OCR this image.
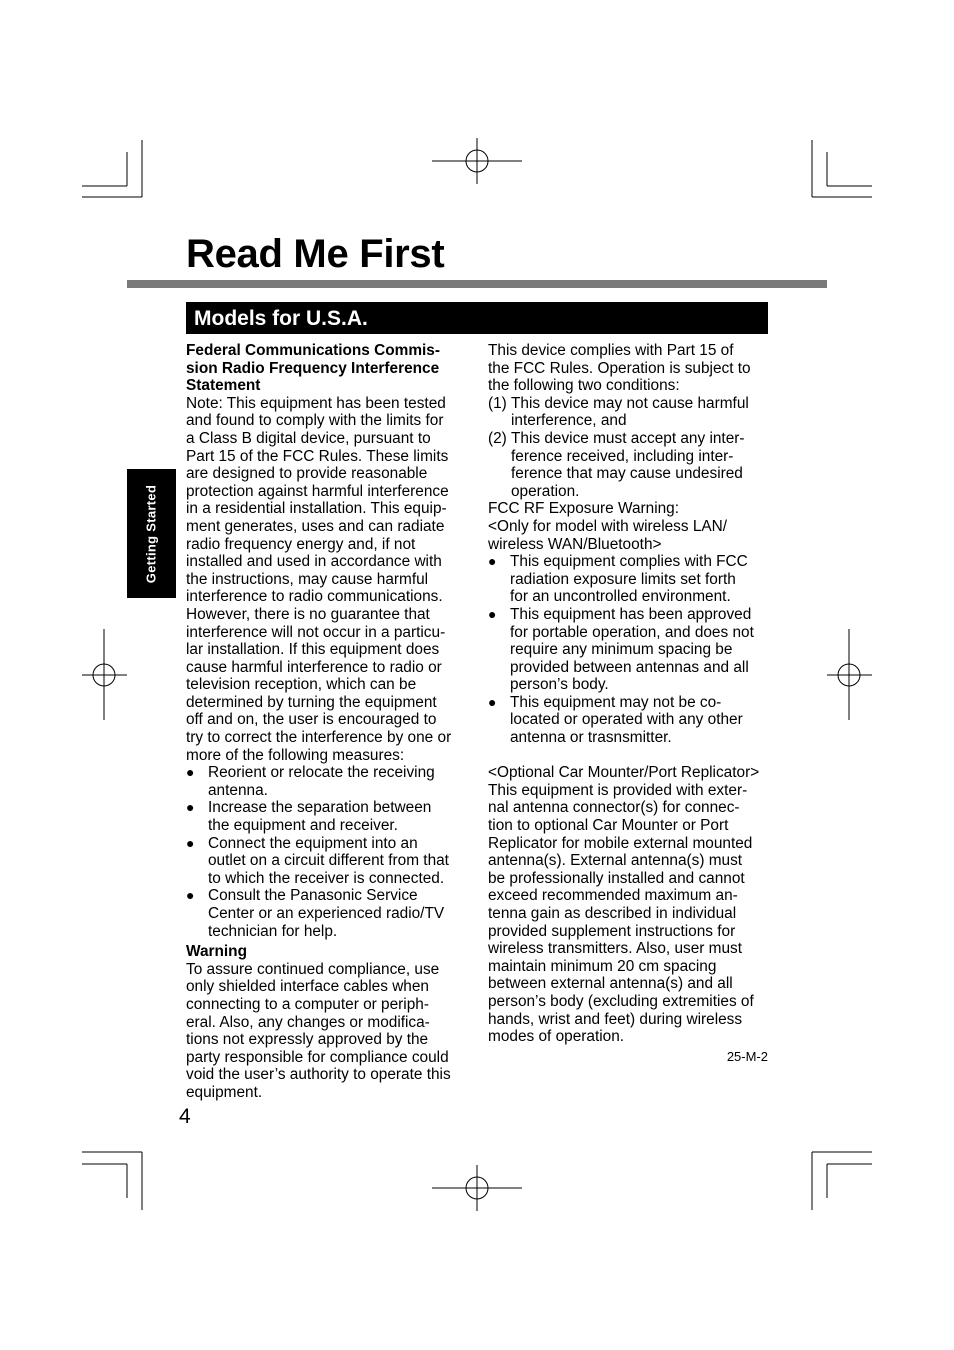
Read Me First
Models for U.S.A.
Getting Started

Federal Communications Commis-
sion Radio Frequency Interference
Statement

Note: This equipment has been tested
and found to comply with the limits for
a Class B digital device, pursuant to
Part 15 of the FCC Rules. These limits
are designed to provide reasonable
protection against harmful interference
in a residential installation. This equip-
ment generates, uses and can radiate
radio frequency energy and, if not
installed and used in accordance with
the instructions, may cause harmful
interference to radio communications.
However, there is no guarantee that
interference will not occur in a particu-
lar installation. If this equipment does
cause harmful interference to radio or
television reception, which can be
determined by turning the equipment
off and on, the user is encouraged to
try to correct the interference by one or
more of the following measures:

● Reorient or relocate the receiving
antenna.
● Increase the separation between
the equipment and receiver.
● Connect the equipment into an
outlet on a circuit different from that
to which the receiver is connected.
● Consult the Panasonic Service
Center or an experienced radio/TV
technician for help.

Warning

To assure continued compliance, use
only shielded interface cables when
connecting to a computer or periph-
eral. Also, any changes or modifica-
tions not expressly approved by the
party responsible for compliance could
void the user’s authority to operate this
equipment.

This device complies with Part 15 of
the FCC Rules. Operation is subject to
the following two conditions:

(1) This device may not cause harmful
interference, and
(2) This device must accept any inter-
ference received, including inter-
ference that may cause undesired
operation.

FCC RF Exposure Warning:

<Only for model with wireless LAN/
wireless WAN/Bluetooth>

● This equipment complies with FCC
radiation exposure limits set forth
for an uncontrolled environment.
● This equipment has been approved
for portable operation, and does not
require any minimum spacing be
provided between antennas and all
person’s body.
● This equipment may not be co-
located or operated with any other
antenna or trasnsmitter.

<Optional Car Mounter/Port Replicator>

This equipment is provided with exter-
nal antenna connector(s) for connec-
tion to optional Car Mounter or Port
Replicator for mobile external mounted
antenna(s). External antenna(s) must
be professionally installed and cannot
exceed recommended maximum an-
tenna gain as described in individual
provided supplement instructions for
wireless transmitters. Also, user must
maintain minimum 20 cm spacing
between external antenna(s) and all
person’s body (excluding extremities of
hands, wrist and feet) during wireless
modes of operation.

25-M-2
4
